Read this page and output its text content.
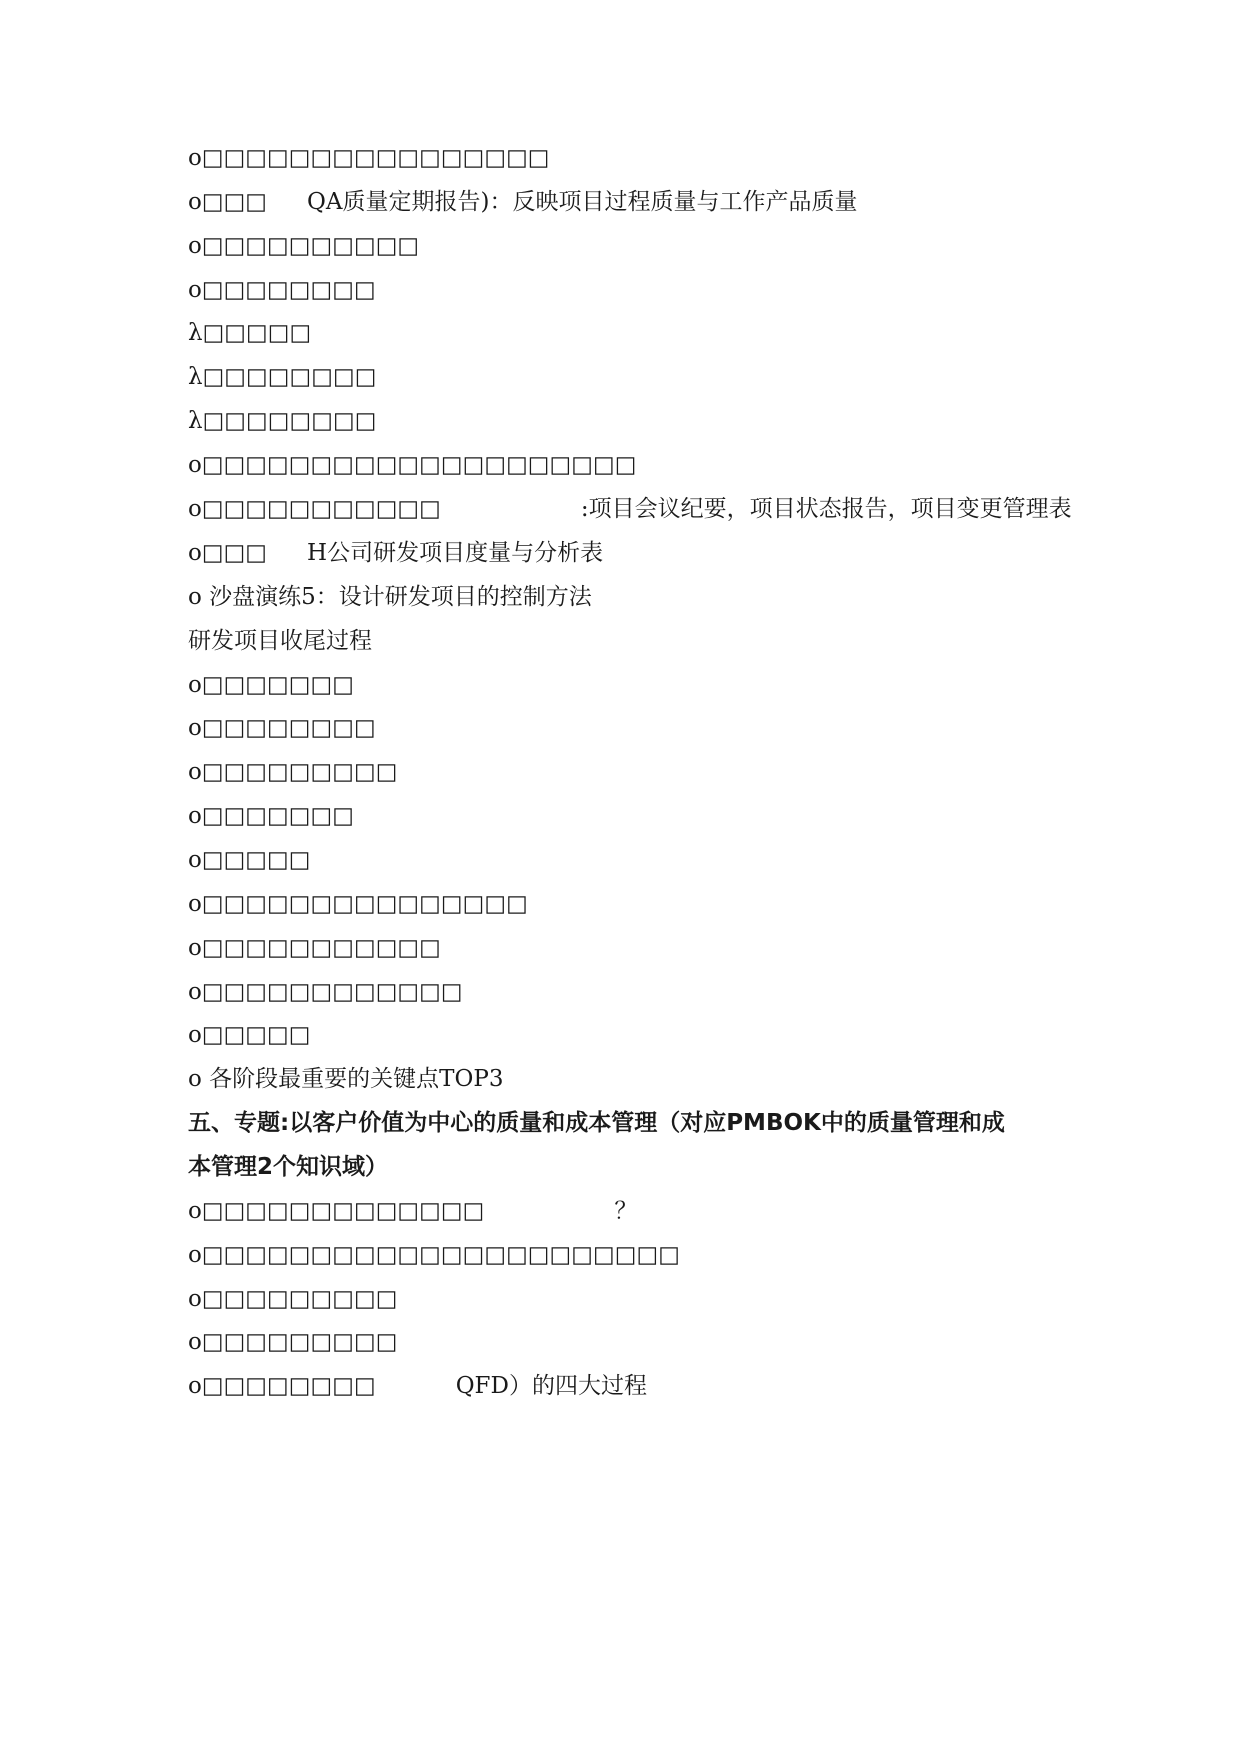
o□□□□□□□□□□□□□□□□
o□□□ QA质量定期报告)：反映项目过程质量与工作产品质量
o□□□□□□□□□□
o□□□□□□□□
λ□□□□□
λ□□□□□□□□
λ□□□□□□□□
o□□□□□□□□□□□□□□□□□□□□
o□□□□□□□□□□□	:项目会议纪要，项目状态报告，项目变更管理表
o□□□ H公司研发项目度量与分析表
o 沙盘演练5：设计研发项目的控制方法
研发项目收尾过程
o□□□□□□□
o□□□□□□□□
o□□□□□□□□□
o□□□□□□□
o□□□□□
o□□□□□□□□□□□□□□□
o□□□□□□□□□□□
o□□□□□□□□□□□□
o□□□□□
o 各阶段最重要的关键点TOP3
五、专题:以客户价值为中心的质量和成本管理（对应PMBOK中的质量管理和成
本管理2个知识域）
o□□□□□□□□□□□□□	？
o□□□□□□□□□□□□□□□□□□□□□□
o□□□□□□□□□
o□□□□□□□□□
o□□□□□□□□	QFD）的四大过程
